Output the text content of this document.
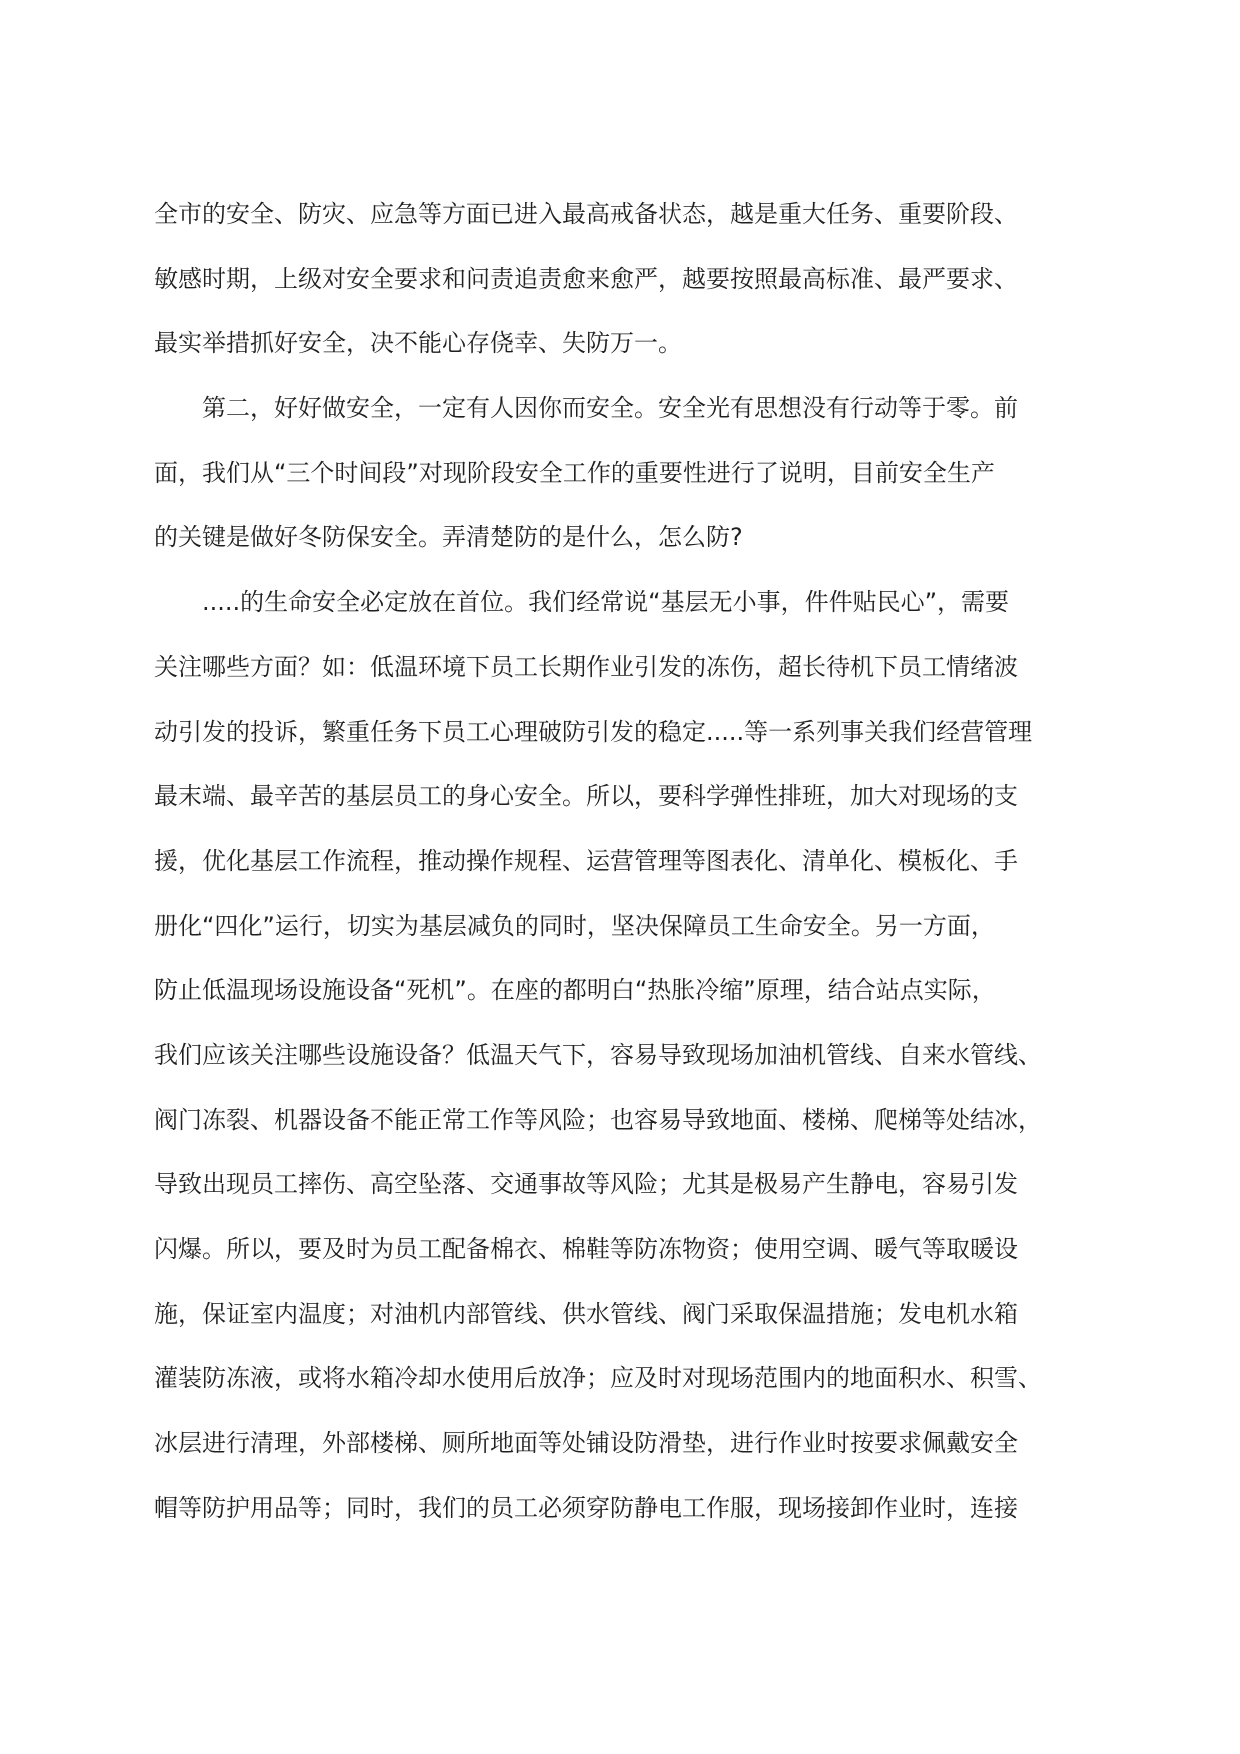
全市的安全、防灾、应急等方面已进入最高戒备状态，越是重大任务、重要阶段、

敏感时期，上级对安全要求和问责追责愈来愈严，越要按照最高标准、最严要求、

最实举措抓好安全，决不能心存侥幸、失防万一。

第二，好好做安全，一定有人因你而安全。安全光有思想没有行动等于零。前

面，我们从“三个时间段”对现阶段安全工作的重要性进行了说明，目前安全生产

的关键是做好冬防保安全。弄清楚防的是什么，怎么防?

.....的生命安全必定放在首位。我们经常说“基层无小事，件件贴民心”，需要

关注哪些方面？如：低温环境下员工长期作业引发的冻伤，超长待机下员工情绪波

动引发的投诉，繁重任务下员工心理破防引发的稳定.....等一系列事关我们经营管理

最末端、最辛苦的基层员工的身心安全。所以，要科学弹性排班，加大对现场的支

援，优化基层工作流程，推动操作规程、运营管理等图表化、清单化、模板化、手

册化“四化”运行，切实为基层减负的同时，坚决保障员工生命安全。另一方面，

防止低温现场设施设备“死机”。在座的都明白“热胀冷缩”原理，结合站点实际，

我们应该关注哪些设施设备？低温天气下，容易导致现场加油机管线、自来水管线、

阀门冻裂、机器设备不能正常工作等风险；也容易导致地面、楼梯、爬梯等处结冰，

导致出现员工摔伤、高空坠落、交通事故等风险；尤其是极易产生静电，容易引发

闪爆。所以，要及时为员工配备棉衣、棉鞋等防冻物资；使用空调、暖气等取暖设

施，保证室内温度；对油机内部管线、供水管线、阀门采取保温措施；发电机水箱

灌装防冻液，或将水箱冷却水使用后放净；应及时对现场范围内的地面积水、积雪、

冰层进行清理，外部楼梯、厕所地面等处铺设防滑垫，进行作业时按要求佩戴安全

帽等防护用品等；同时，我们的员工必须穿防静电工作服，现场接卸作业时，连接
